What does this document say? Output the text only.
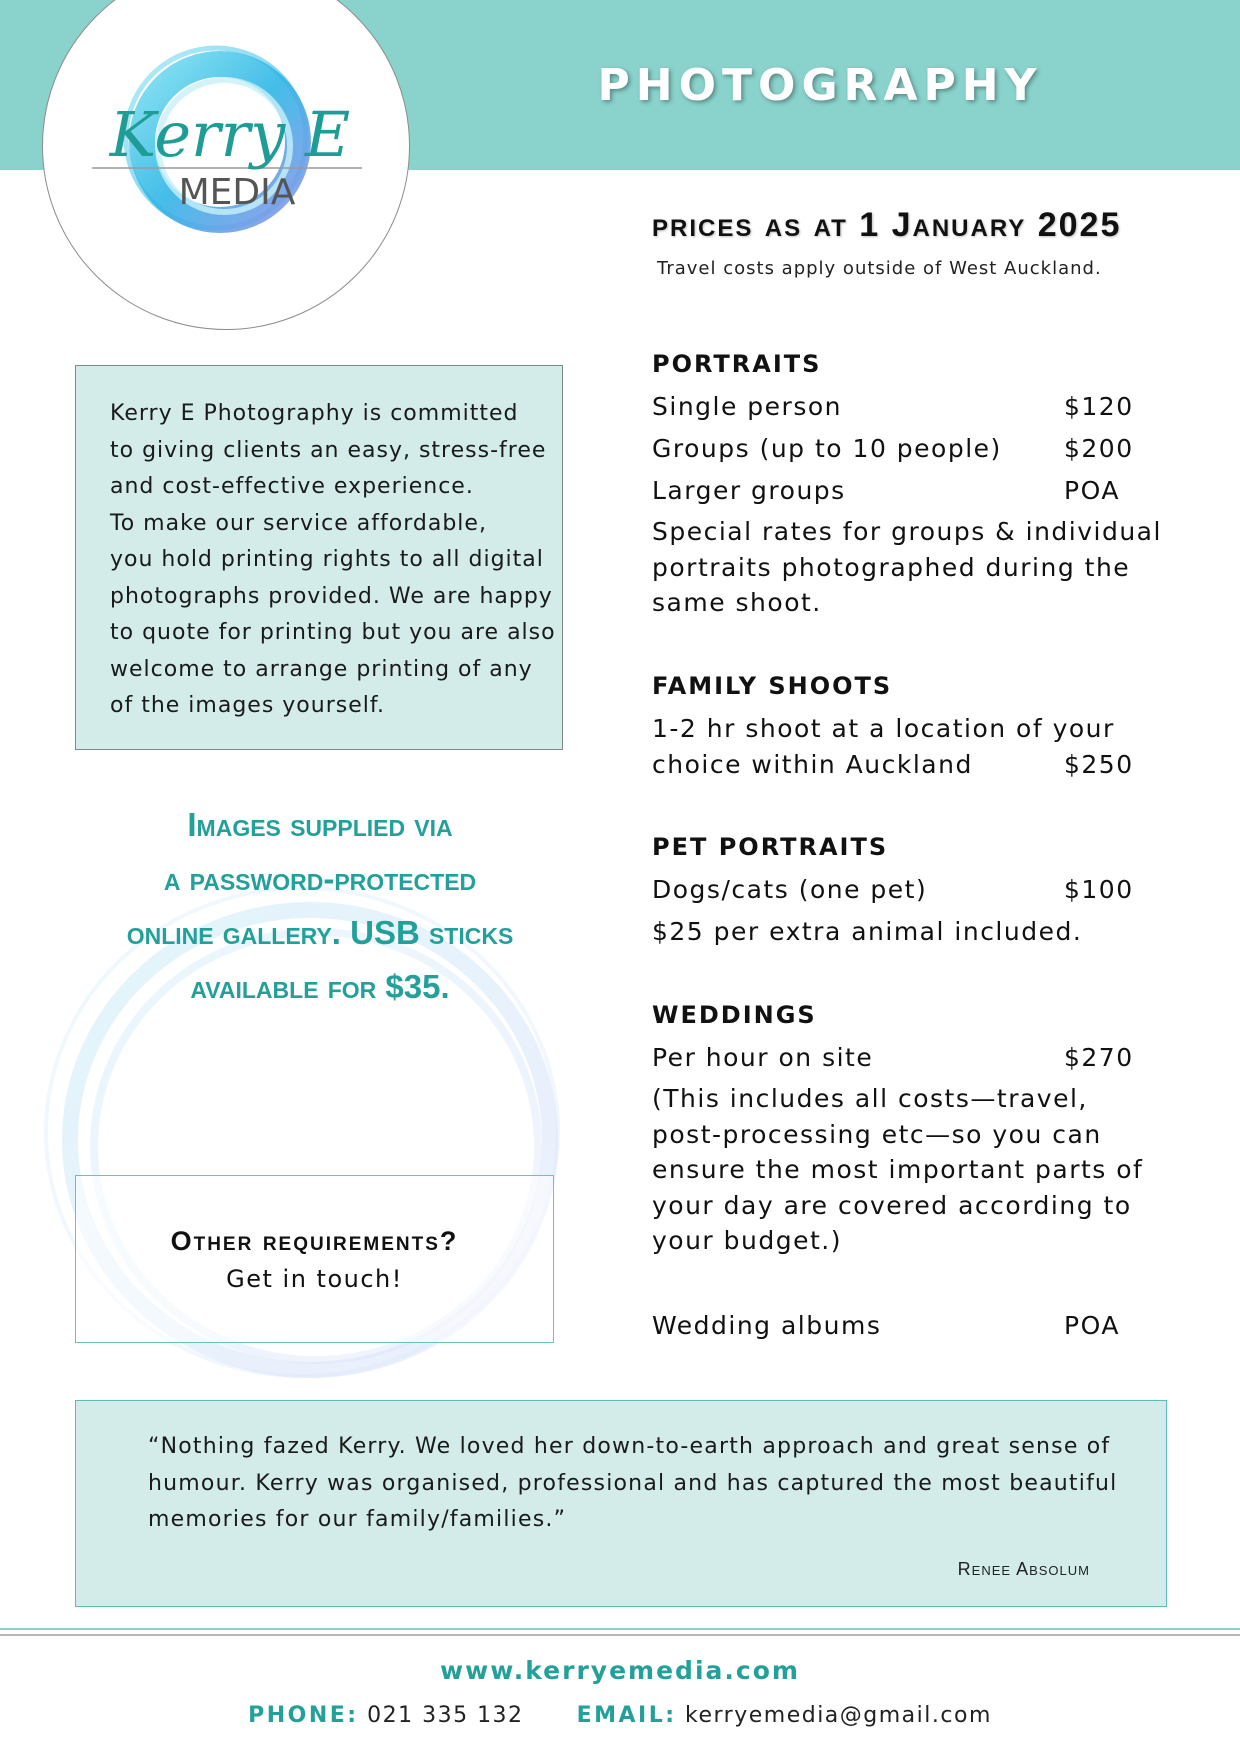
PHOTOGRAPHY
Kerry E
MEDIA
Kerry E Photography is committed
to giving clients an easy, stress-free
and cost-effective experience.
To make our service affordable,
you hold printing rights to all digital
photographs provided. We are happy
to quote for printing but you are also
welcome to arrange printing of any
of the images yourself.
Images supplied via
a password-protected
online gallery. USB sticks
available for $35.
Other requirements?
Get in touch!
prices as at 1 January 2025
Travel costs apply outside of West Auckland.
PORTRAITS
Single person	$120
Groups (up to 10 people) $200
Larger groups	POA
Special rates for groups & individual
portraits photographed during the
same shoot.
FAMILY SHOOTS
1-2 hr shoot at a location of your
choice within Auckland	$250
PET PORTRAITS
Dogs/cats (one pet)	$100
$25 per extra animal included.
WEDDINGS
Per hour on site	$270
(This includes all costs—travel,
post-processing etc—so you can
ensure the most important parts of
your day are covered according to
your budget.)
Wedding albums	POA
“Nothing fazed Kerry. We loved her down-to-earth approach and great sense of
humour. Kerry was organised, professional and has captured the most beautiful
memories for our family/families.”
Renee Absolum
www.kerryemedia.com
PHONE: 021 335 132 EMAIL: kerryemedia@gmail.com
